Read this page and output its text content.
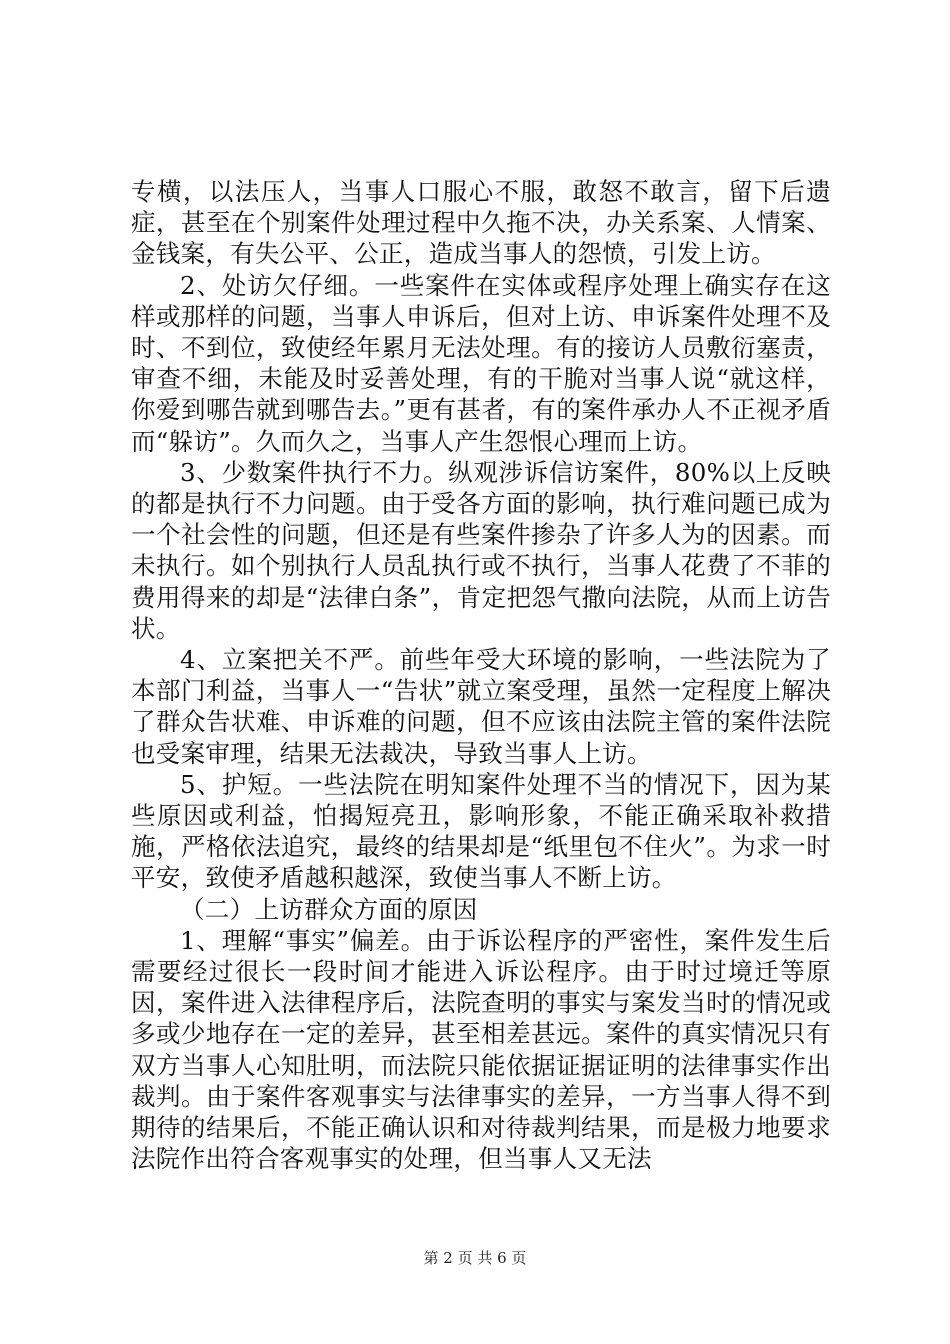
专横，以法压人，当事人口服心不服，敢怒不敢言，留下后遗症，甚至在个别案件处理过程中久拖不决，办关系案、人情案、金钱案，有失公平、公正，造成当事人的怨愤，引发上访。

2、处访欠仔细。一些案件在实体或程序处理上确实存在这样或那样的问题，当事人申诉后，但对上访、申诉案件处理不及时、不到位，致使经年累月无法处理。有的接访人员敷衍塞责，审查不细，未能及时妥善处理，有的干脆对当事人说“就这样，你爱到哪告就到哪告去。”更有甚者，有的案件承办人不正视矛盾而“躲访”。久而久之，当事人产生怨恨心理而上访。

3、少数案件执行不力。纵观涉诉信访案件，80%以上反映的都是执行不力问题。由于受各方面的影响，执行难问题已成为一个社会性的问题，但还是有些案件掺杂了许多人为的因素。而未执行。如个别执行人员乱执行或不执行，当事人花费了不菲的费用得来的却是“法律白条”，肯定把怨气撒向法院，从而上访告状。

4、立案把关不严。前些年受大环境的影响，一些法院为了本部门利益，当事人一“告状”就立案受理，虽然一定程度上解决了群众告状难、申诉难的问题，但不应该由法院主管的案件法院也受案审理，结果无法裁决，导致当事人上访。

5、护短。一些法院在明知案件处理不当的情况下，因为某些原因或利益，怕揭短亮丑，影响形象，不能正确采取补救措施，严格依法追究，最终的结果却是“纸里包不住火”。为求一时平安，致使矛盾越积越深，致使当事人不断上访。

（二）上访群众方面的原因

1、理解“事实”偏差。由于诉讼程序的严密性，案件发生后需要经过很长一段时间才能进入诉讼程序。由于时过境迁等原因，案件进入法律程序后，法院查明的事实与案发当时的情况或多或少地存在一定的差异，甚至相差甚远。案件的真实情况只有双方当事人心知肚明，而法院只能依据证据证明的法律事实作出裁判。由于案件客观事实与法律事实的差异，一方当事人得不到期待的结果后，不能正确认识和对待裁判结果，而是极力地要求法院作出符合客观事实的处理，但当事人又无法

第 2 页 共 6 页
